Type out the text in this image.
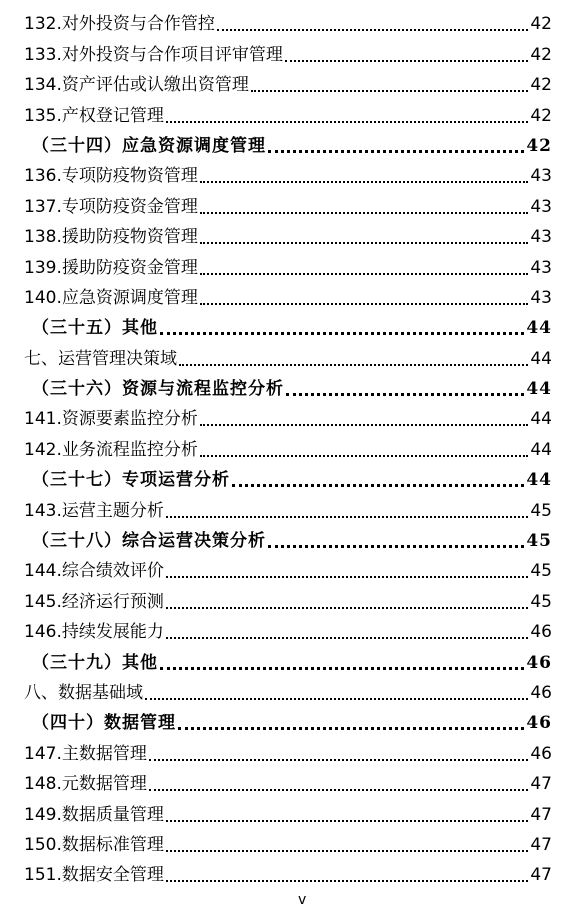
132.对外投资与合作管控	42
133.对外投资与合作项目评审管理	42
134.资产评估或认缴出资管理	42
135.产权登记管理	42
（三十四）应急资源调度管理	42
136.专项防疫物资管理	43
137.专项防疫资金管理	43
138.援助防疫物资管理	43
139.援助防疫资金管理	43
140.应急资源调度管理	43
（三十五）其他	44
七、运营管理决策域	44
（三十六）资源与流程监控分析	44
141.资源要素监控分析	44
142.业务流程监控分析	44
（三十七）专项运营分析	44
143.运营主题分析	45
（三十八）综合运营决策分析	45
144.综合绩效评价	45
145.经济运行预测	45
146.持续发展能力	46
（三十九）其他	46
八、数据基础域	46
（四十）数据管理	46
147.主数据管理	46
148.元数据管理	47
149.数据质量管理	47
150.数据标准管理	47
151.数据安全管理	47
v
